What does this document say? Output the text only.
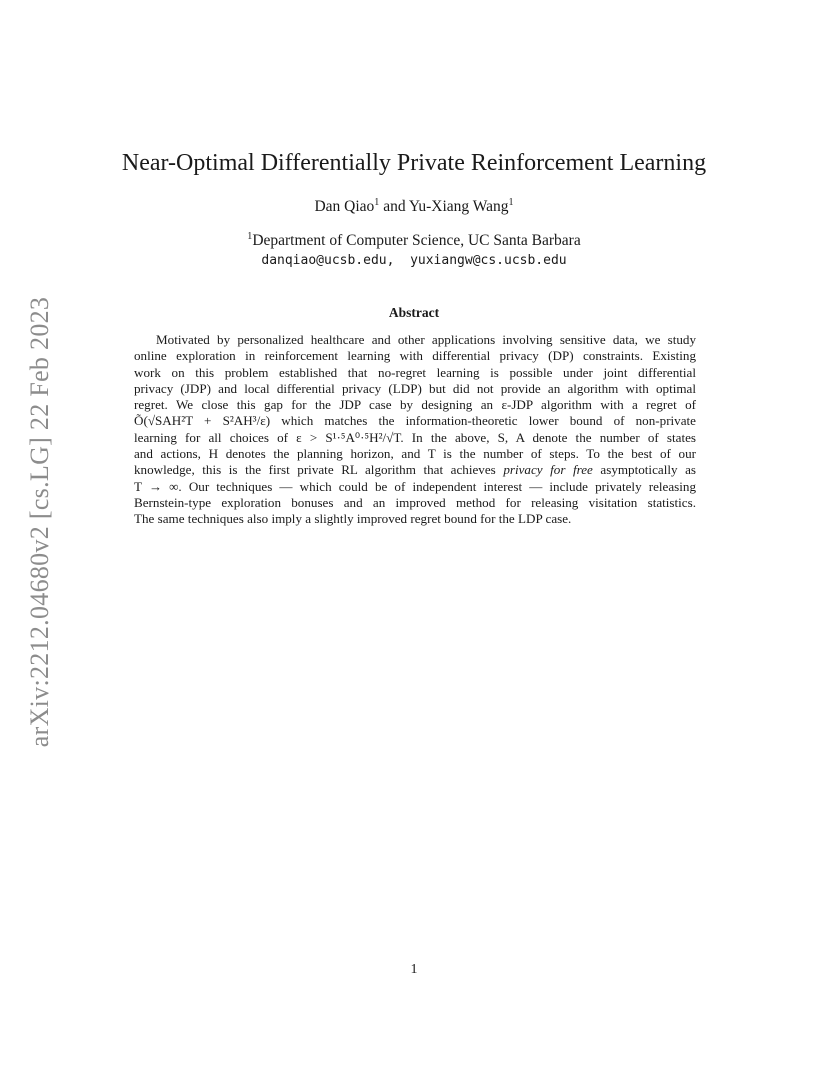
arXiv:2212.04680v2 [cs.LG] 22 Feb 2023
Near-Optimal Differentially Private Reinforcement Learning
Dan Qiao$^1$ and Yu-Xiang Wang$^1$
$^1$Department of Computer Science, UC Santa Barbara
danqiao@ucsb.edu,  yuxiangw@cs.ucsb.edu
Abstract
Motivated by personalized healthcare and other applications involving sensitive data, we study
online exploration in reinforcement learning with differential privacy (DP) constraints. Existing
work on this problem established that no-regret learning is possible under joint differential
privacy (JDP) and local differential privacy (LDP) but did not provide an algorithm with optimal
regret. We close this gap for the JDP case by designing an ε-JDP algorithm with a regret of
Õ(√SAH²T + S²AH³/ε) which matches the information-theoretic lower bound of non-private
learning for all choices of ε > S¹·⁵A⁰·⁵H²/√T. In the above, S, A denote the number of states
and actions, H denotes the planning horizon, and T is the number of steps. To the best of our
knowledge, this is the first private RL algorithm that achieves privacy for free asymptotically as
T → ∞. Our techniques — which could be of independent interest — include privately releasing
Bernstein-type exploration bonuses and an improved method for releasing visitation statistics.
The same techniques also imply a slightly improved regret bound for the LDP case.
1
